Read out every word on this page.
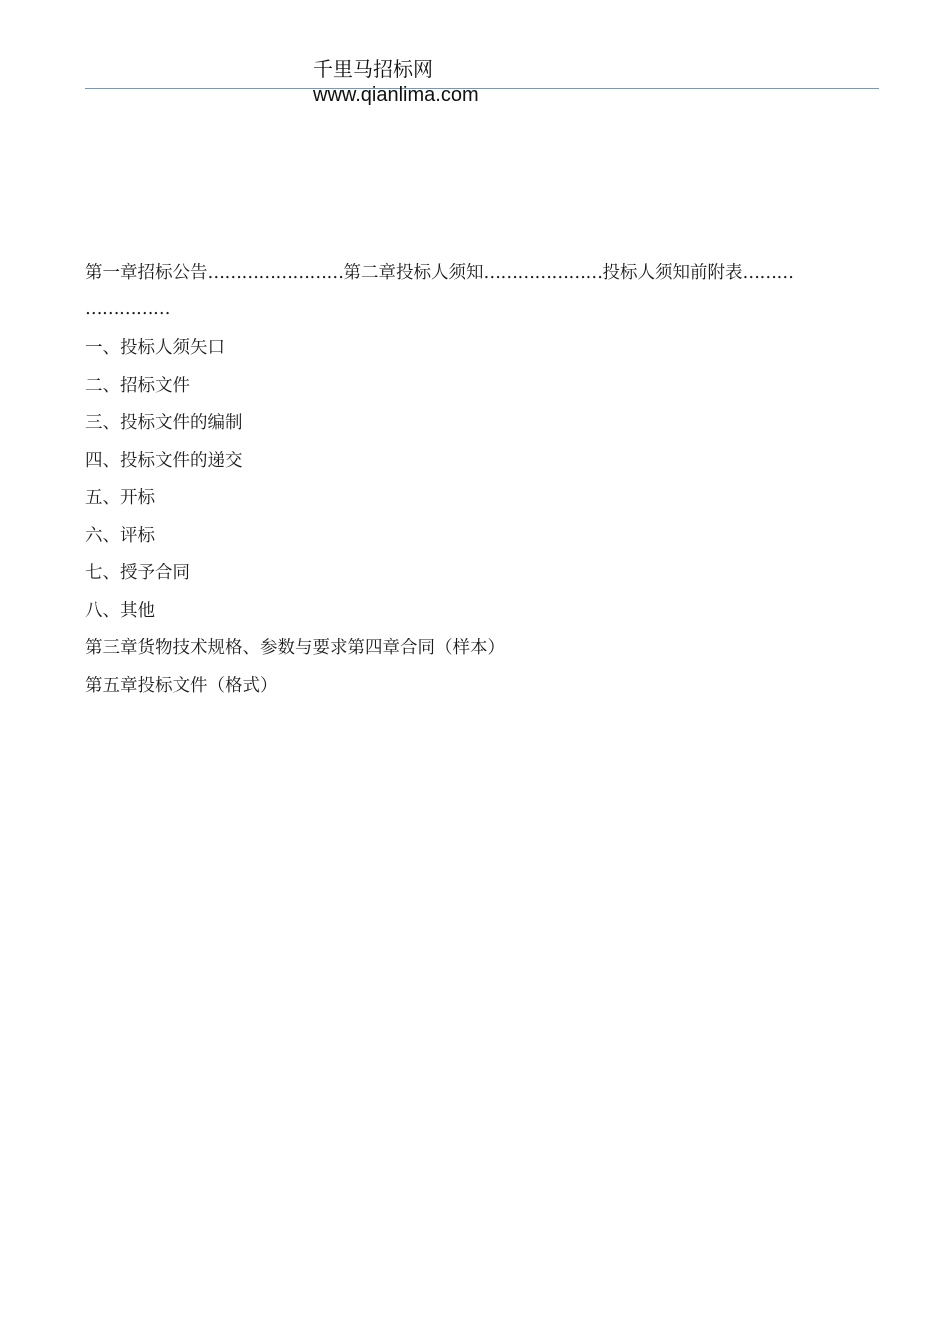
千里马招标网
www.qianlima.com
第一章招标公告……………………第二章投标人须知…………………投标人须知前附表………
……………
一、投标人须矢口
二、招标文件
三、投标文件的编制
四、投标文件的递交
五、开标
六、评标
七、授予合同
八、其他
第三章货物技术规格、参数与要求第四章合同（样本）
第五章投标文件（格式）
